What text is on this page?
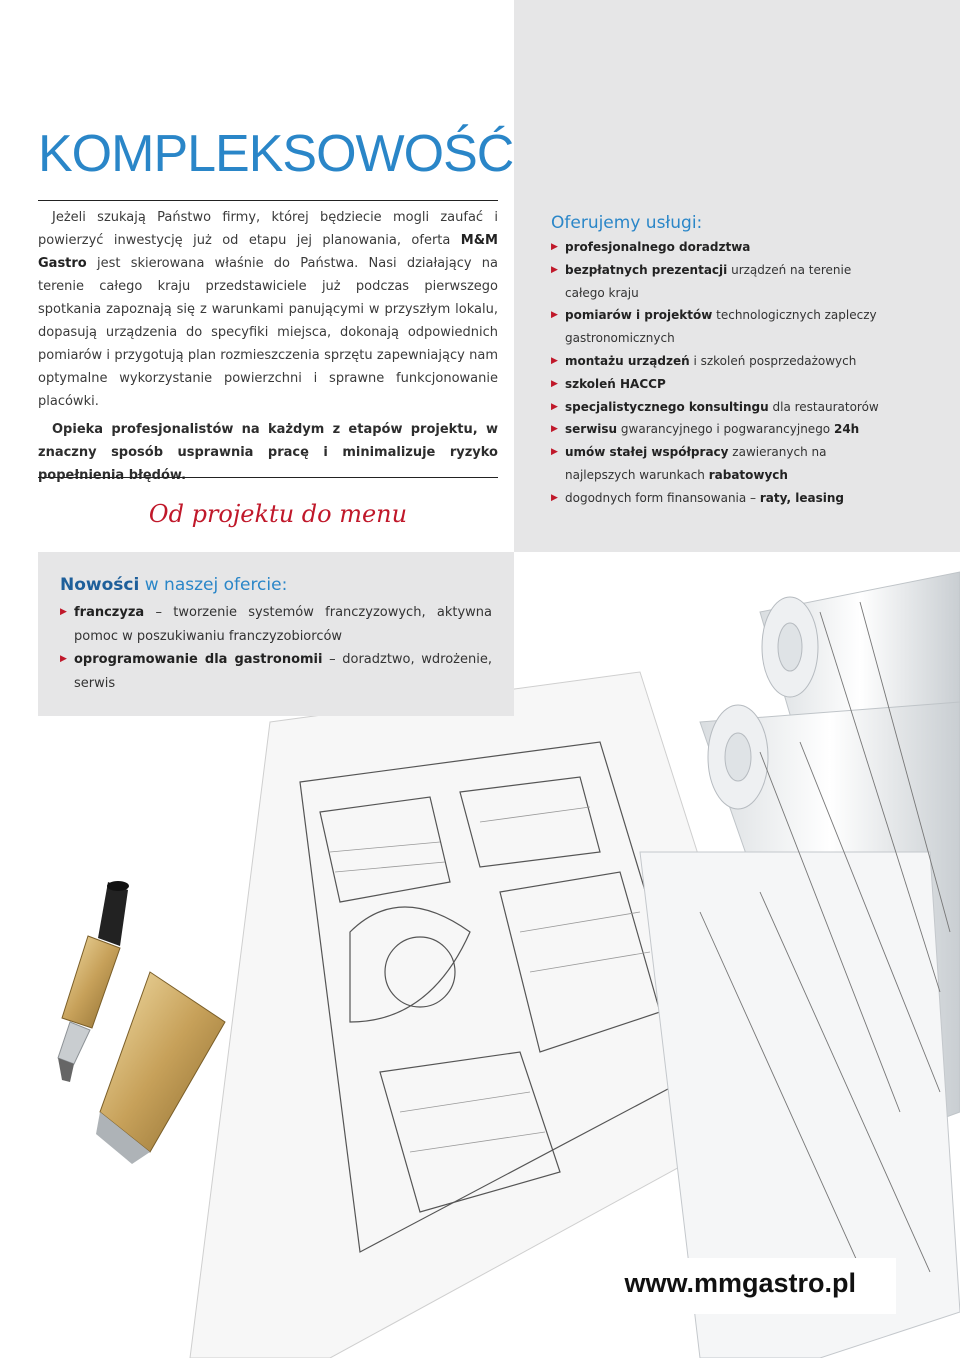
KOMPLEKSOWOŚĆ

Jeżeli szukają Państwo firmy, której będziecie mogli zaufać i powierzyć inwestycję już od etapu jej planowania, oferta M&M Gastro jest skierowana właśnie do Państwa. Nasi działający na terenie całego kraju przedstawiciele już podczas pierwszego spotkania zapoznają się z warunkami panującymi w przyszłym lokalu, dopasują urządzenia do specyfiki miejsca, dokonają odpowiednich pomiarów i przygotują plan rozmieszczenia sprzętu zapewniający nam optymalne wykorzystanie powierzchni i sprawne funkcjonowanie placówki.

Opieka profesjonalistów na każdym z etapów projektu, w znaczny sposób usprawnia pracę i minimalizuje ryzyko popełnienia błędów.

Od projektu do menu

Oferujemy usługi:
▶ profesjonalnego doradztwa
▶ bezpłatnych prezentacji urządzeń na terenie całego kraju
▶ pomiarów i projektów technologicznych zapleczy gastronomicznych
▶ montażu urządzeń i szkoleń posprzedażowych
▶ szkoleń HACCP
▶ specjalistycznego konsultingu dla restauratorów
▶ serwisu gwarancyjnego i pogwarancyjnego 24h
▶ umów stałej współpracy zawieranych na najlepszych warunkach rabatowych
▶ dogodnych form finansowania – raty, leasing
Nowości w naszej ofercie:
▶ franczyza – tworzenie systemów franczyzowych, aktywna pomoc w poszukiwaniu franczyzobiorców
▶ oprogramowanie dla gastronomii – doradztwo, wdrożenie, serwis

www.mmgastro.pl
